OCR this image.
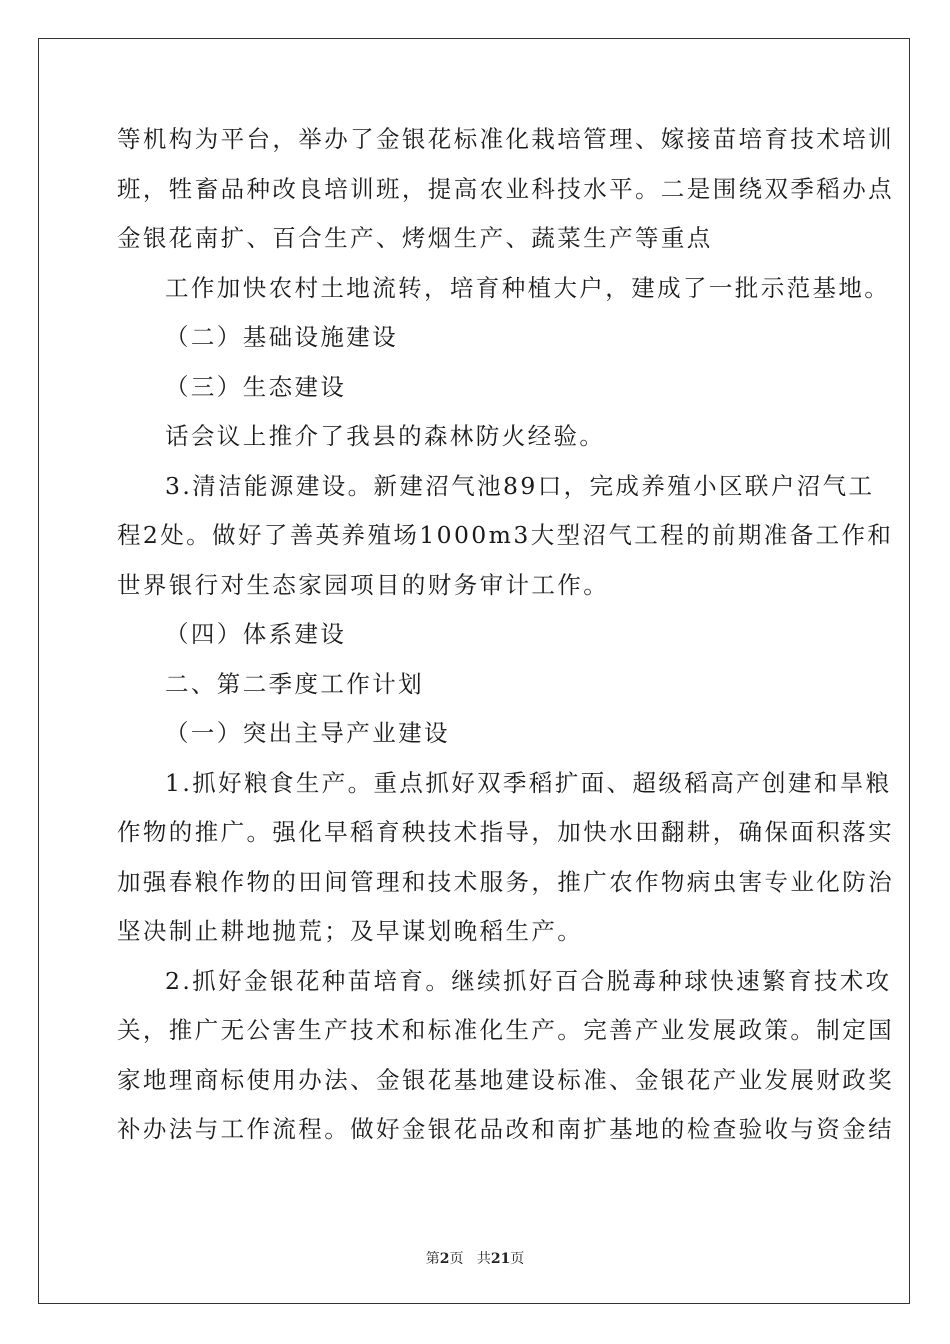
等机构为平台，举办了金银花标准化栽培管理、嫁接苗培育技术培训
班，牲畜品种改良培训班，提高农业科技水平。二是围绕双季稻办点
金银花南扩、百合生产、烤烟生产、蔬菜生产等重点
工作加快农村土地流转，培育种植大户，建成了一批示范基地。
（二）基础设施建设
（三）生态建设
话会议上推介了我县的森林防火经验。
3.清洁能源建设。新建沼气池89口，完成养殖小区联户沼气工
程2处。做好了善英养殖场1000m3大型沼气工程的前期准备工作和
世界银行对生态家园项目的财务审计工作。
（四）体系建设
二、第二季度工作计划
（一）突出主导产业建设
1.抓好粮食生产。重点抓好双季稻扩面、超级稻高产创建和旱粮
作物的推广。强化早稻育秧技术指导，加快水田翻耕，确保面积落实
加强春粮作物的田间管理和技术服务，推广农作物病虫害专业化防治
坚决制止耕地抛荒；及早谋划晚稻生产。
2.抓好金银花种苗培育。继续抓好百合脱毒种球快速繁育技术攻
关，推广无公害生产技术和标准化生产。完善产业发展政策。制定国
家地理商标使用办法、金银花基地建设标准、金银花产业发展财政奖
补办法与工作流程。做好金银花品改和南扩基地的检查验收与资金结
第2页 共21页
